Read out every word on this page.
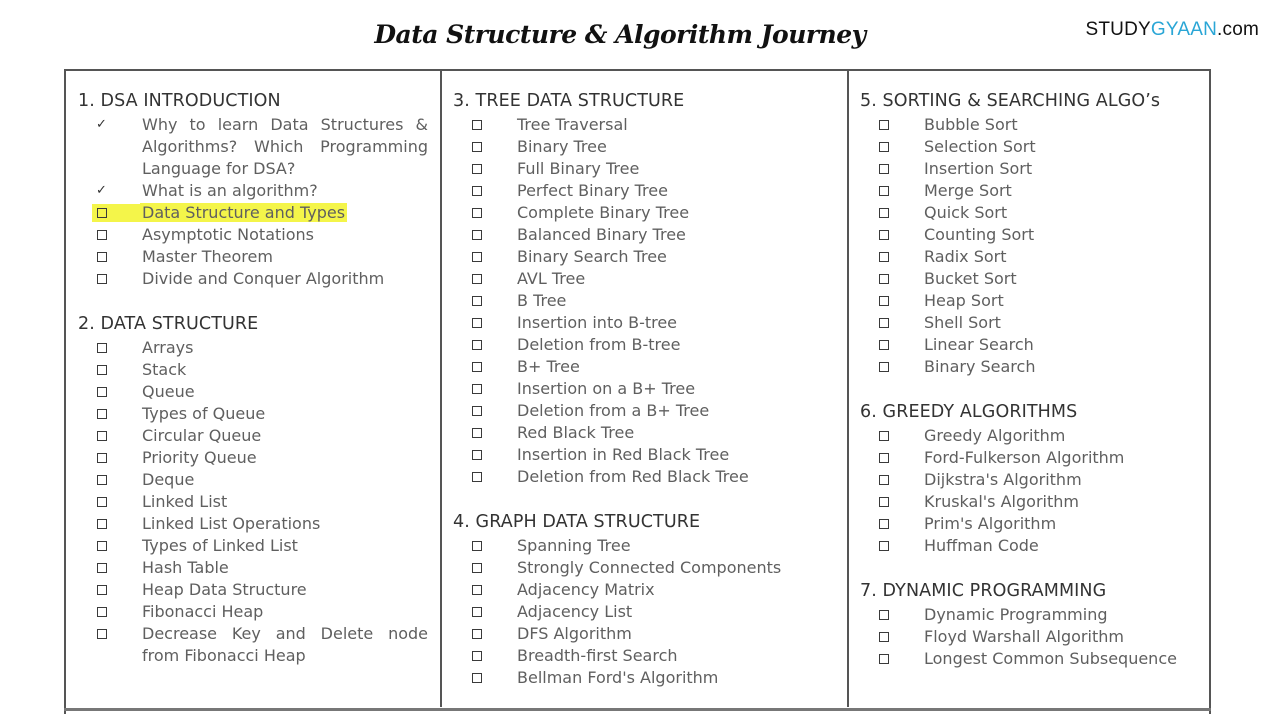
Data Structure & Algorithm Journey	STUDYGYAAN.com
1. DSA INTRODUCTION
✓ Why to learn Data Structures & Algorithms? Which Programming Language for DSA?
✓ What is an algorithm?
Data Structure and Types
Asymptotic Notations
Master Theorem
Divide and Conquer Algorithm
2. DATA STRUCTURE
Arrays
Stack
Queue
Types of Queue
Circular Queue
Priority Queue
Deque
Linked List
Linked List Operations
Types of Linked List
Hash Table
Heap Data Structure
Fibonacci Heap
Decrease Key and Delete node from Fibonacci Heap
3. TREE DATA STRUCTURE
Tree Traversal
Binary Tree
Full Binary Tree
Perfect Binary Tree
Complete Binary Tree
Balanced Binary Tree
Binary Search Tree
AVL Tree
B Tree
Insertion into B-tree
Deletion from B-tree
B+ Tree
Insertion on a B+ Tree
Deletion from a B+ Tree
Red Black Tree
Insertion in Red Black Tree
Deletion from Red Black Tree
4. GRAPH DATA STRUCTURE
Spanning Tree
Strongly Connected Components
Adjacency Matrix
Adjacency List
DFS Algorithm
Breadth-first Search
Bellman Ford's Algorithm
5. SORTING & SEARCHING ALGO’s
Bubble Sort
Selection Sort
Insertion Sort
Merge Sort
Quick Sort
Counting Sort
Radix Sort
Bucket Sort
Heap Sort
Shell Sort
Linear Search
Binary Search
6. GREEDY ALGORITHMS
Greedy Algorithm
Ford-Fulkerson Algorithm
Dijkstra's Algorithm
Kruskal's Algorithm
Prim's Algorithm
Huffman Code
7. DYNAMIC PROGRAMMING
Dynamic Programming
Floyd Warshall Algorithm
Longest Common Subsequence
